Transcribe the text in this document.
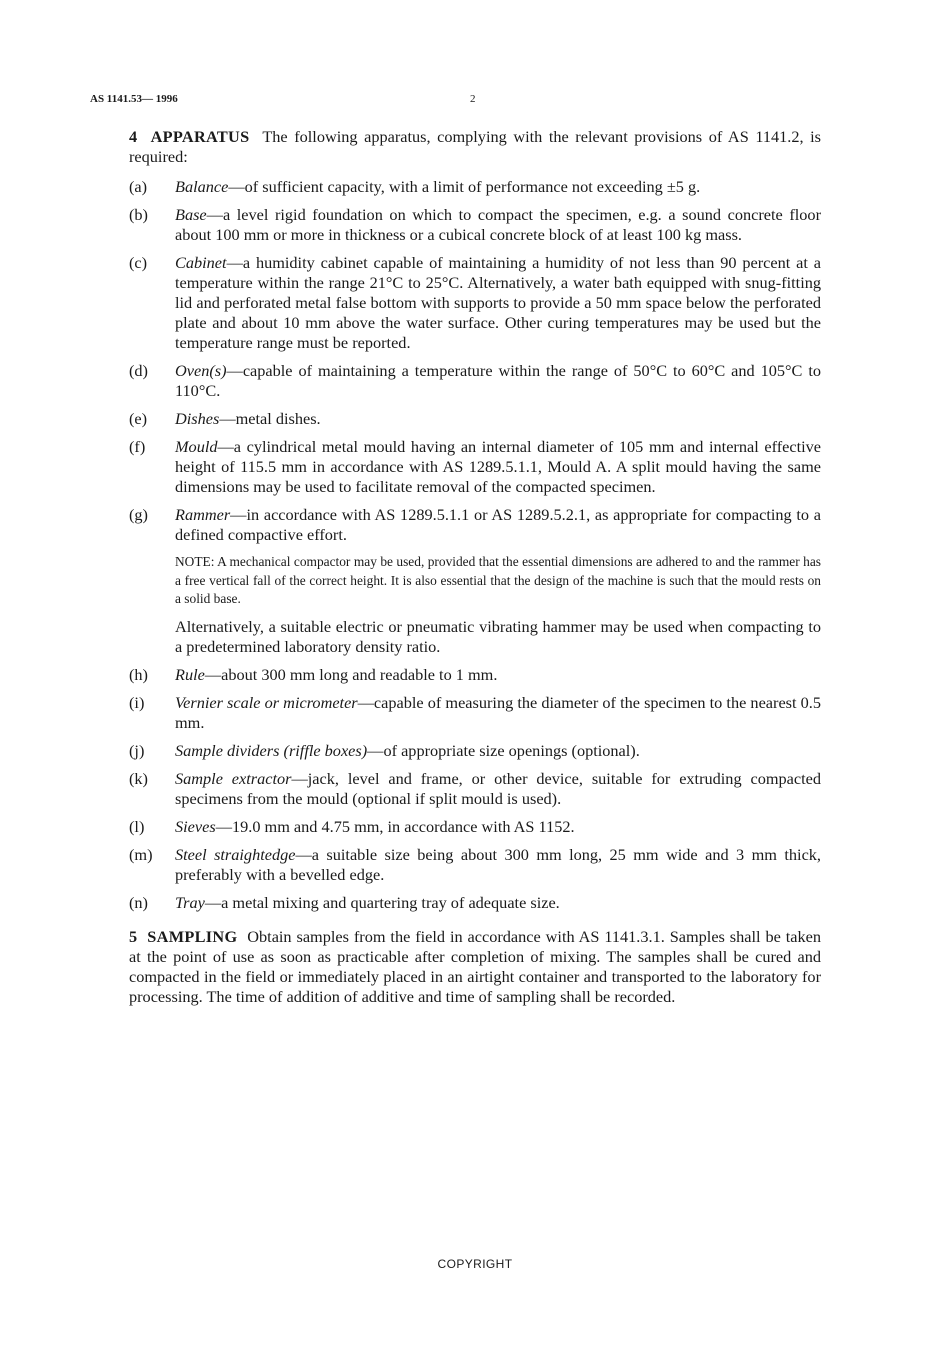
AS 1141.53— 1996	2

4 APPARATUS The following apparatus, complying with the relevant provisions of AS 1141.2, is required:

(a) Balance—of sufficient capacity, with a limit of performance not exceeding ±5 g.
(b) Base—a level rigid foundation on which to compact the specimen, e.g. a sound concrete floor about 100 mm or more in thickness or a cubical concrete block of at least 100 kg mass.
(c) Cabinet—a humidity cabinet capable of maintaining a humidity of not less than 90 percent at a temperature within the range 21°C to 25°C. Alternatively, a water bath equipped with snug-fitting lid and perforated metal false bottom with supports to provide a 50 mm space below the perforated plate and about 10 mm above the water surface. Other curing temperatures may be used but the temperature range must be reported.
(d) Oven(s)—capable of maintaining a temperature within the range of 50°C to 60°C and 105°C to 110°C.
(e) Dishes—metal dishes.
(f) Mould—a cylindrical metal mould having an internal diameter of 105 mm and internal effective height of 115.5 mm in accordance with AS 1289.5.1.1, Mould A. A split mould having the same dimensions may be used to facilitate removal of the compacted specimen.
(g) Rammer—in accordance with AS 1289.5.1.1 or AS 1289.5.2.1, as appropriate for compacting to a defined compactive effort.
NOTE: A mechanical compactor may be used, provided that the essential dimensions are adhered to and the rammer has a free vertical fall of the correct height. It is also essential that the design of the machine is such that the mould rests on a solid base.
Alternatively, a suitable electric or pneumatic vibrating hammer may be used when compacting to a predetermined laboratory density ratio.
(h) Rule—about 300 mm long and readable to 1 mm.
(i) Vernier scale or micrometer—capable of measuring the diameter of the specimen to the nearest 0.5 mm.
(j) Sample dividers (riffle boxes)—of appropriate size openings (optional).
(k) Sample extractor—jack, level and frame, or other device, suitable for extruding compacted specimens from the mould (optional if split mould is used).
(l) Sieves—19.0 mm and 4.75 mm, in accordance with AS 1152.
(m) Steel straightedge—a suitable size being about 300 mm long, 25 mm wide and 3 mm thick, preferably with a bevelled edge.
(n) Tray—a metal mixing and quartering tray of adequate size.

5 SAMPLING Obtain samples from the field in accordance with AS 1141.3.1. Samples shall be taken at the point of use as soon as practicable after completion of mixing. The samples shall be cured and compacted in the field or immediately placed in an airtight container and transported to the laboratory for processing. The time of addition of additive and time of sampling shall be recorded.

COPYRIGHT
